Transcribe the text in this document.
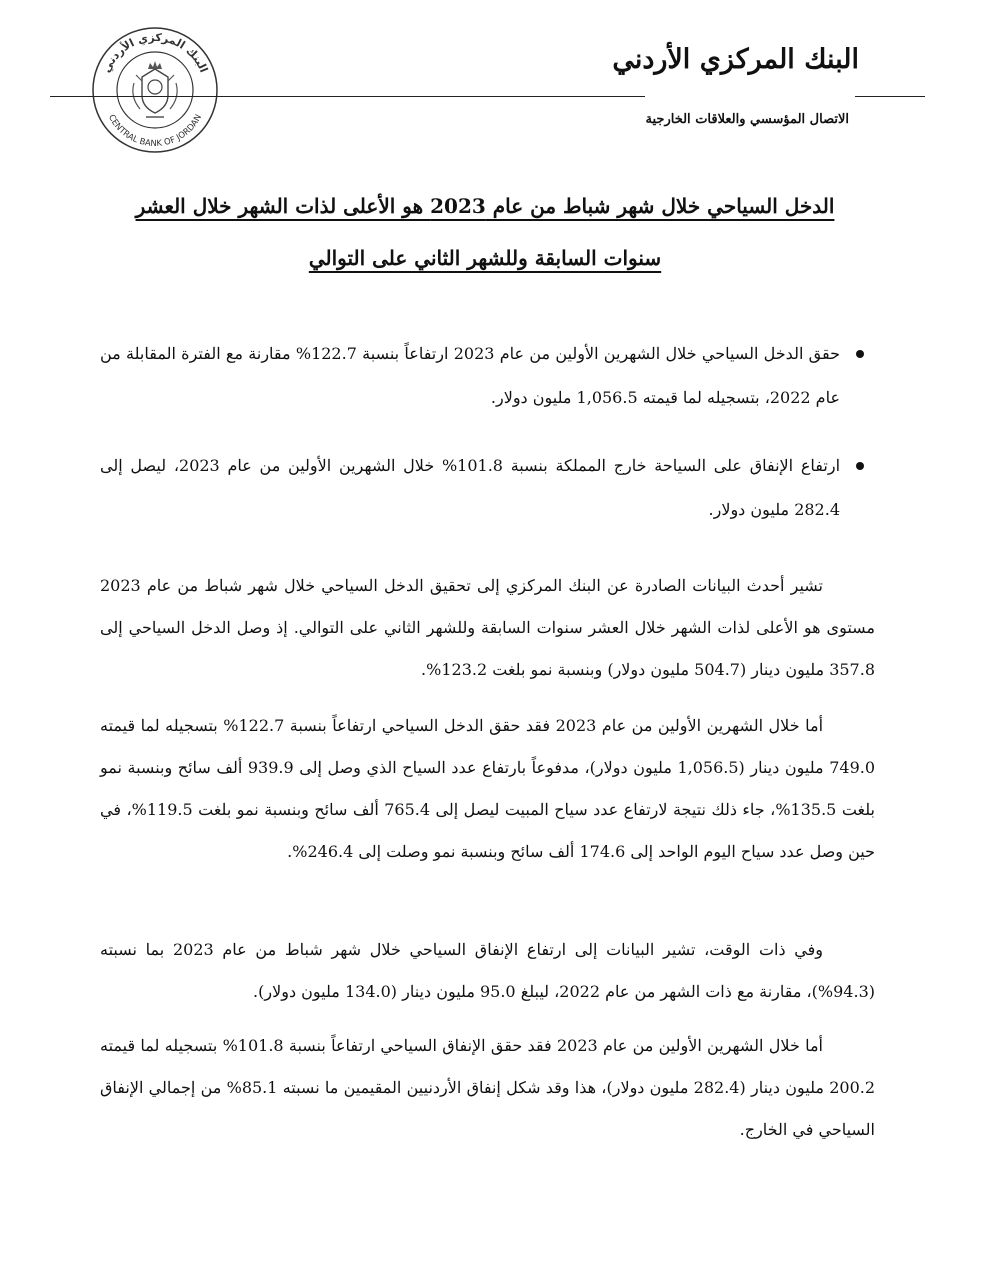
البنك المركزي الأردني
CENTRAL BANK OF JORDAN
البنك المركزي الأردني
الاتصال المؤسسي والعلاقات الخارجية
الدخل السياحي خلال شهر شباط من عام 2023 هو الأعلى لذات الشهر خلال العشر
سنوات السابقة وللشهر الثاني على التوالي
حقق الدخل السياحي خلال الشهرين الأولين من عام 2023 ارتفاعاً بنسبة 122.7% مقارنة مع الفترة المقابلة من عام 2022، بتسجيله لما قيمته 1,056.5 مليون دولار.
ارتفاع الإنفاق على السياحة خارج المملكة بنسبة 101.8% خلال الشهرين الأولين من عام 2023، ليصل إلى 282.4 مليون دولار.

تشير أحدث البيانات الصادرة عن البنك المركزي إلى تحقيق الدخل السياحي خلال شهر شباط من عام 2023 مستوى هو الأعلى لذات الشهر خلال العشر سنوات السابقة وللشهر الثاني على التوالي. إذ وصل الدخل السياحي إلى 357.8 مليون دينار (504.7 مليون دولار) وبنسبة نمو بلغت 123.2%.

أما خلال الشهرين الأولين من عام 2023 فقد حقق الدخل السياحي ارتفاعاً بنسبة 122.7% بتسجيله لما قيمته 749.0 مليون دينار (1,056.5 مليون دولار)، مدفوعاً بارتفاع عدد السياح الذي وصل إلى 939.9 ألف سائح وبنسبة نمو بلغت 135.5%، جاء ذلك نتيجة لارتفاع عدد سياح المبيت ليصل إلى 765.4 ألف سائح وبنسبة نمو بلغت 119.5%، في حين وصل عدد سياح اليوم الواحد إلى 174.6 ألف سائح وبنسبة نمو وصلت إلى 246.4%.

وفي ذات الوقت، تشير البيانات إلى ارتفاع الإنفاق السياحي خلال شهر شباط من عام 2023 بما نسبته (94.3%)، مقارنة مع ذات الشهر من عام 2022، ليبلغ 95.0 مليون دينار (134.0 مليون دولار).

أما خلال الشهرين الأولين من عام 2023 فقد حقق الإنفاق السياحي ارتفاعاً بنسبة 101.8% بتسجيله لما قيمته 200.2 مليون دينار (282.4 مليون دولار)، هذا وقد شكل إنفاق الأردنيين المقيمين ما نسبته 85.1% من إجمالي الإنفاق السياحي في الخارج.
